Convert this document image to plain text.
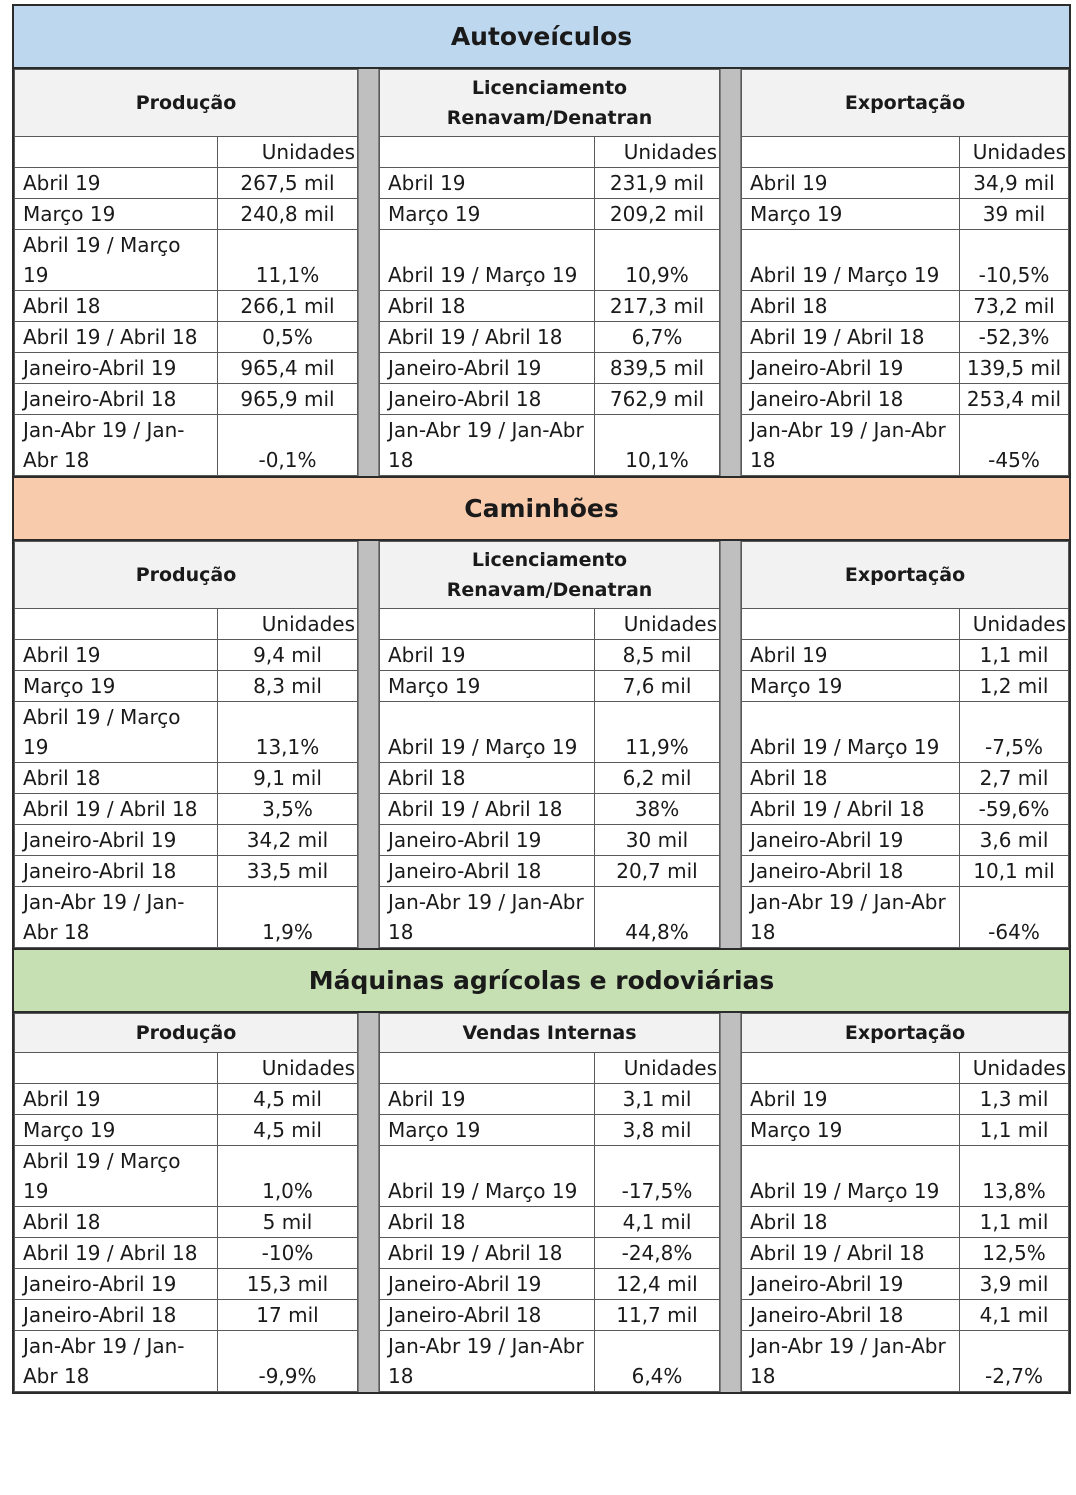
Autoveículos
Produção	

	Unidades
Abril 19	267,5 mil
Março 19	240,8 mil
Abril 19 / Março 19	11,1%
Abril 18	266,1 mil
Abril 19 / Abril 18	0,5%
Janeiro-Abril 19	965,4 mil
Janeiro-Abril 18	965,9 mil
Jan-Abr 19 / Jan-Abr 18	-0,1%
Licenciamento
Renavam/Denatran	

	Unidades
Abril 19	231,9 mil
Março 19	209,2 mil
Abril 19 / Março 19	10,9%
Abril 18	217,3 mil
Abril 19 / Abril 18	6,7%
Janeiro-Abril 19	839,5 mil
Janeiro-Abril 18	762,9 mil
Jan-Abr 19 / Jan-Abr 18	10,1%
Exportação	

	Unidades
Abril 19	34,9 mil
Março 19	39 mil
Abril 19 / Março 19	-10,5%
Abril 18	73,2 mil
Abril 19 / Abril 18	-52,3%
Janeiro-Abril 19	139,5 mil
Janeiro-Abril 18	253,4 mil
Jan-Abr 19 / Jan-Abr 18	-45%
Caminhões
Produção	

	Unidades
Abril 19	9,4 mil
Março 19	8,3 mil
Abril 19 / Março 19	13,1%
Abril 18	9,1 mil
Abril 19 / Abril 18	3,5%
Janeiro-Abril 19	34,2 mil
Janeiro-Abril 18	33,5 mil
Jan-Abr 19 / Jan-Abr 18	1,9%
Licenciamento
Renavam/Denatran	

	Unidades
Abril 19	8,5 mil
Março 19	7,6 mil
Abril 19 / Março 19	11,9%
Abril 18	6,2 mil
Abril 19 / Abril 18	38%
Janeiro-Abril 19	30 mil
Janeiro-Abril 18	20,7 mil
Jan-Abr 19 / Jan-Abr 18	44,8%
Exportação	

	Unidades
Abril 19	1,1 mil
Março 19	1,2 mil
Abril 19 / Março 19	-7,5%
Abril 18	2,7 mil
Abril 19 / Abril 18	-59,6%
Janeiro-Abril 19	3,6 mil
Janeiro-Abril 18	10,1 mil
Jan-Abr 19 / Jan-Abr 18	-64%
Máquinas agrícolas e rodoviárias
Produção	

	Unidades
Abril 19	4,5 mil
Março 19	4,5 mil
Abril 19 / Março 19	1,0%
Abril 18	5 mil
Abril 19 / Abril 18	-10%
Janeiro-Abril 19	15,3 mil
Janeiro-Abril 18	17 mil
Jan-Abr 19 / Jan-Abr 18	-9,9%
Vendas Internas	

	Unidades
Abril 19	3,1 mil
Março 19	3,8 mil
Abril 19 / Março 19	-17,5%
Abril 18	4,1 mil
Abril 19 / Abril 18	-24,8%
Janeiro-Abril 19	12,4 mil
Janeiro-Abril 18	11,7 mil
Jan-Abr 19 / Jan-Abr 18	6,4%
Exportação	

	Unidades
Abril 19	1,3 mil
Março 19	1,1 mil
Abril 19 / Março 19	13,8%
Abril 18	1,1 mil
Abril 19 / Abril 18	12,5%
Janeiro-Abril 19	3,9 mil
Janeiro-Abril 18	4,1 mil
Jan-Abr 19 / Jan-Abr 18	-2,7%
